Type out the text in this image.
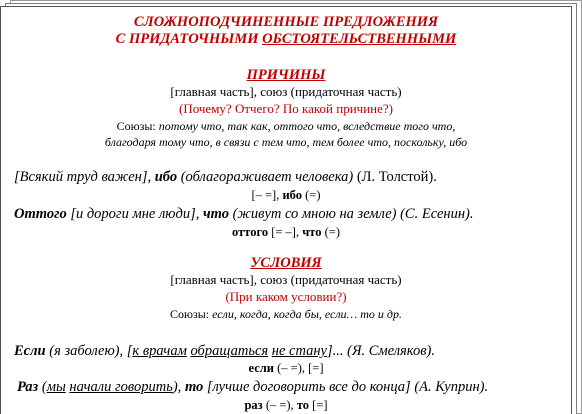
СЛОЖНОПОДЧИНЕННЫЕ ПРЕДЛОЖЕНИЯ
С ПРИДАТОЧНЫМИ ОБСТОЯТЕЛЬСТВЕННЫМИ
ПРИЧИНЫ
[главная часть], союз (придаточная часть)
(Почему? Отчего? По какой причине?)
Союзы: потому что, так как, оттого что, вследствие того что,
благодаря тому что, в связи с тем что, тем более что, поскольку, ибо
[Всякий труд важен], ибо (облагораживает человека) (Л. Толстой).
[– =], ибо (=)
Оттого [и дороги мне люди], что (живут со мною на земле) (С. Есенин).
оттого [= –], что (=)
УСЛОВИЯ
[главная часть], союз (придаточная часть)
(При каком условии?)
Союзы: если, когда, когда бы, если… то и др.
Если (я заболею), [к врачам обращаться не стану]... (Я. Смеляков).
если (– =), [=]
Раз (мы начали говорить), то [лучше договорить все до конца] (А. Куприн).
раз (– =), то [=]
